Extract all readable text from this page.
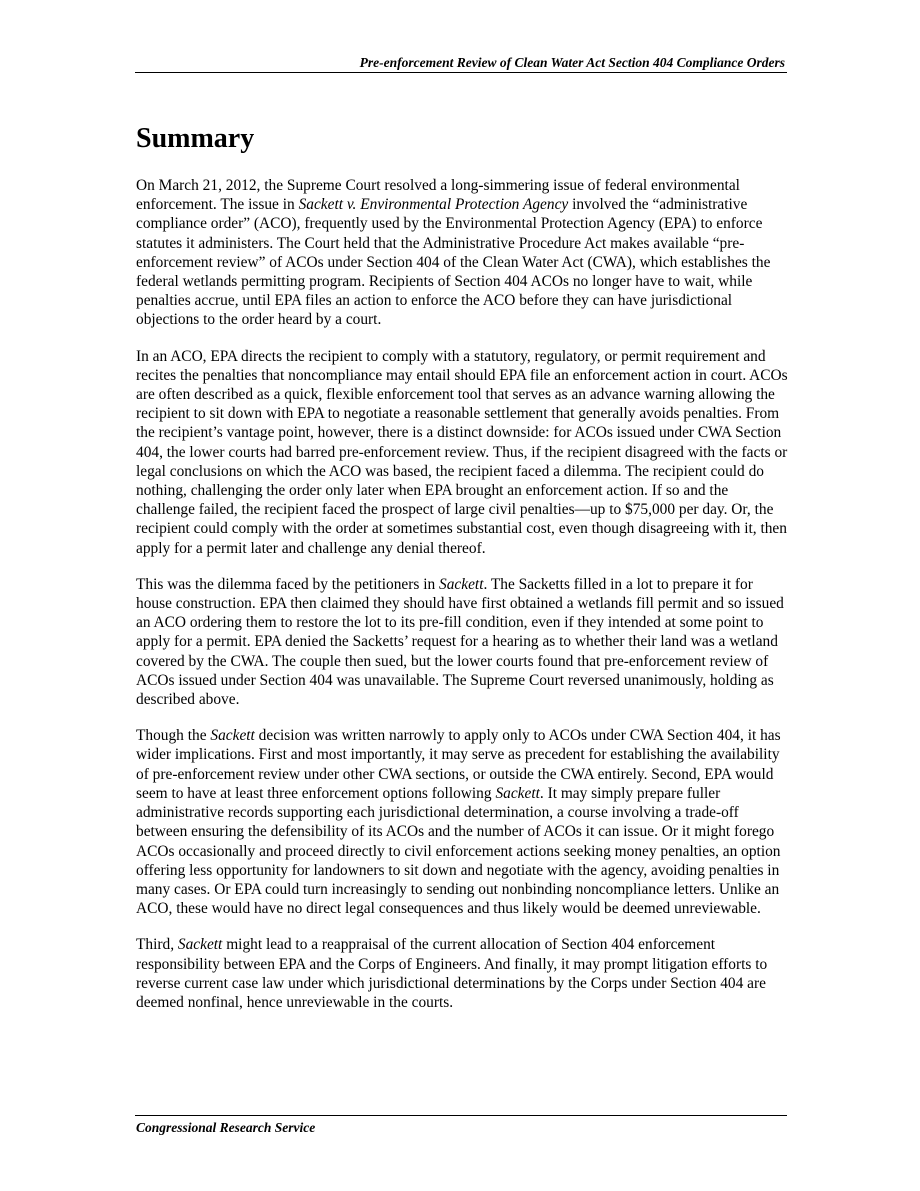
Pre-enforcement Review of Clean Water Act Section 404 Compliance Orders
Summary

On March 21, 2012, the Supreme Court resolved a long-simmering issue of federal environmental enforcement. The issue in Sackett v. Environmental Protection Agency involved the “administrative compliance order” (ACO), frequently used by the Environmental Protection Agency (EPA) to enforce statutes it administers. The Court held that the Administrative Procedure Act makes available “pre-enforcement review” of ACOs under Section 404 of the Clean Water Act (CWA), which establishes the federal wetlands permitting program. Recipients of Section 404 ACOs no longer have to wait, while penalties accrue, until EPA files an action to enforce the ACO before they can have jurisdictional objections to the order heard by a court.

In an ACO, EPA directs the recipient to comply with a statutory, regulatory, or permit requirement and recites the penalties that noncompliance may entail should EPA file an enforcement action in court. ACOs are often described as a quick, flexible enforcement tool that serves as an advance warning allowing the recipient to sit down with EPA to negotiate a reasonable settlement that generally avoids penalties. From the recipient’s vantage point, however, there is a distinct downside: for ACOs issued under CWA Section 404, the lower courts had barred pre-enforcement review. Thus, if the recipient disagreed with the facts or legal conclusions on which the ACO was based, the recipient faced a dilemma. The recipient could do nothing, challenging the order only later when EPA brought an enforcement action. If so and the challenge failed, the recipient faced the prospect of large civil penalties—up to $75,000 per day. Or, the recipient could comply with the order at sometimes substantial cost, even though disagreeing with it, then apply for a permit later and challenge any denial thereof.

This was the dilemma faced by the petitioners in Sackett. The Sacketts filled in a lot to prepare it for house construction. EPA then claimed they should have first obtained a wetlands fill permit and so issued an ACO ordering them to restore the lot to its pre-fill condition, even if they intended at some point to apply for a permit. EPA denied the Sacketts’ request for a hearing as to whether their land was a wetland covered by the CWA. The couple then sued, but the lower courts found that pre-enforcement review of ACOs issued under Section 404 was unavailable. The Supreme Court reversed unanimously, holding as described above.

Though the Sackett decision was written narrowly to apply only to ACOs under CWA Section 404, it has wider implications. First and most importantly, it may serve as precedent for establishing the availability of pre-enforcement review under other CWA sections, or outside the CWA entirely. Second, EPA would seem to have at least three enforcement options following Sackett. It may simply prepare fuller administrative records supporting each jurisdictional determination, a course involving a trade-off between ensuring the defensibility of its ACOs and the number of ACOs it can issue. Or it might forego ACOs occasionally and proceed directly to civil enforcement actions seeking money penalties, an option offering less opportunity for landowners to sit down and negotiate with the agency, avoiding penalties in many cases. Or EPA could turn increasingly to sending out nonbinding noncompliance letters. Unlike an ACO, these would have no direct legal consequences and thus likely would be deemed unreviewable.

Third, Sackett might lead to a reappraisal of the current allocation of Section 404 enforcement responsibility between EPA and the Corps of Engineers. And finally, it may prompt litigation efforts to reverse current case law under which jurisdictional determinations by the Corps under Section 404 are deemed nonfinal, hence unreviewable in the courts.

Congressional Research Service
